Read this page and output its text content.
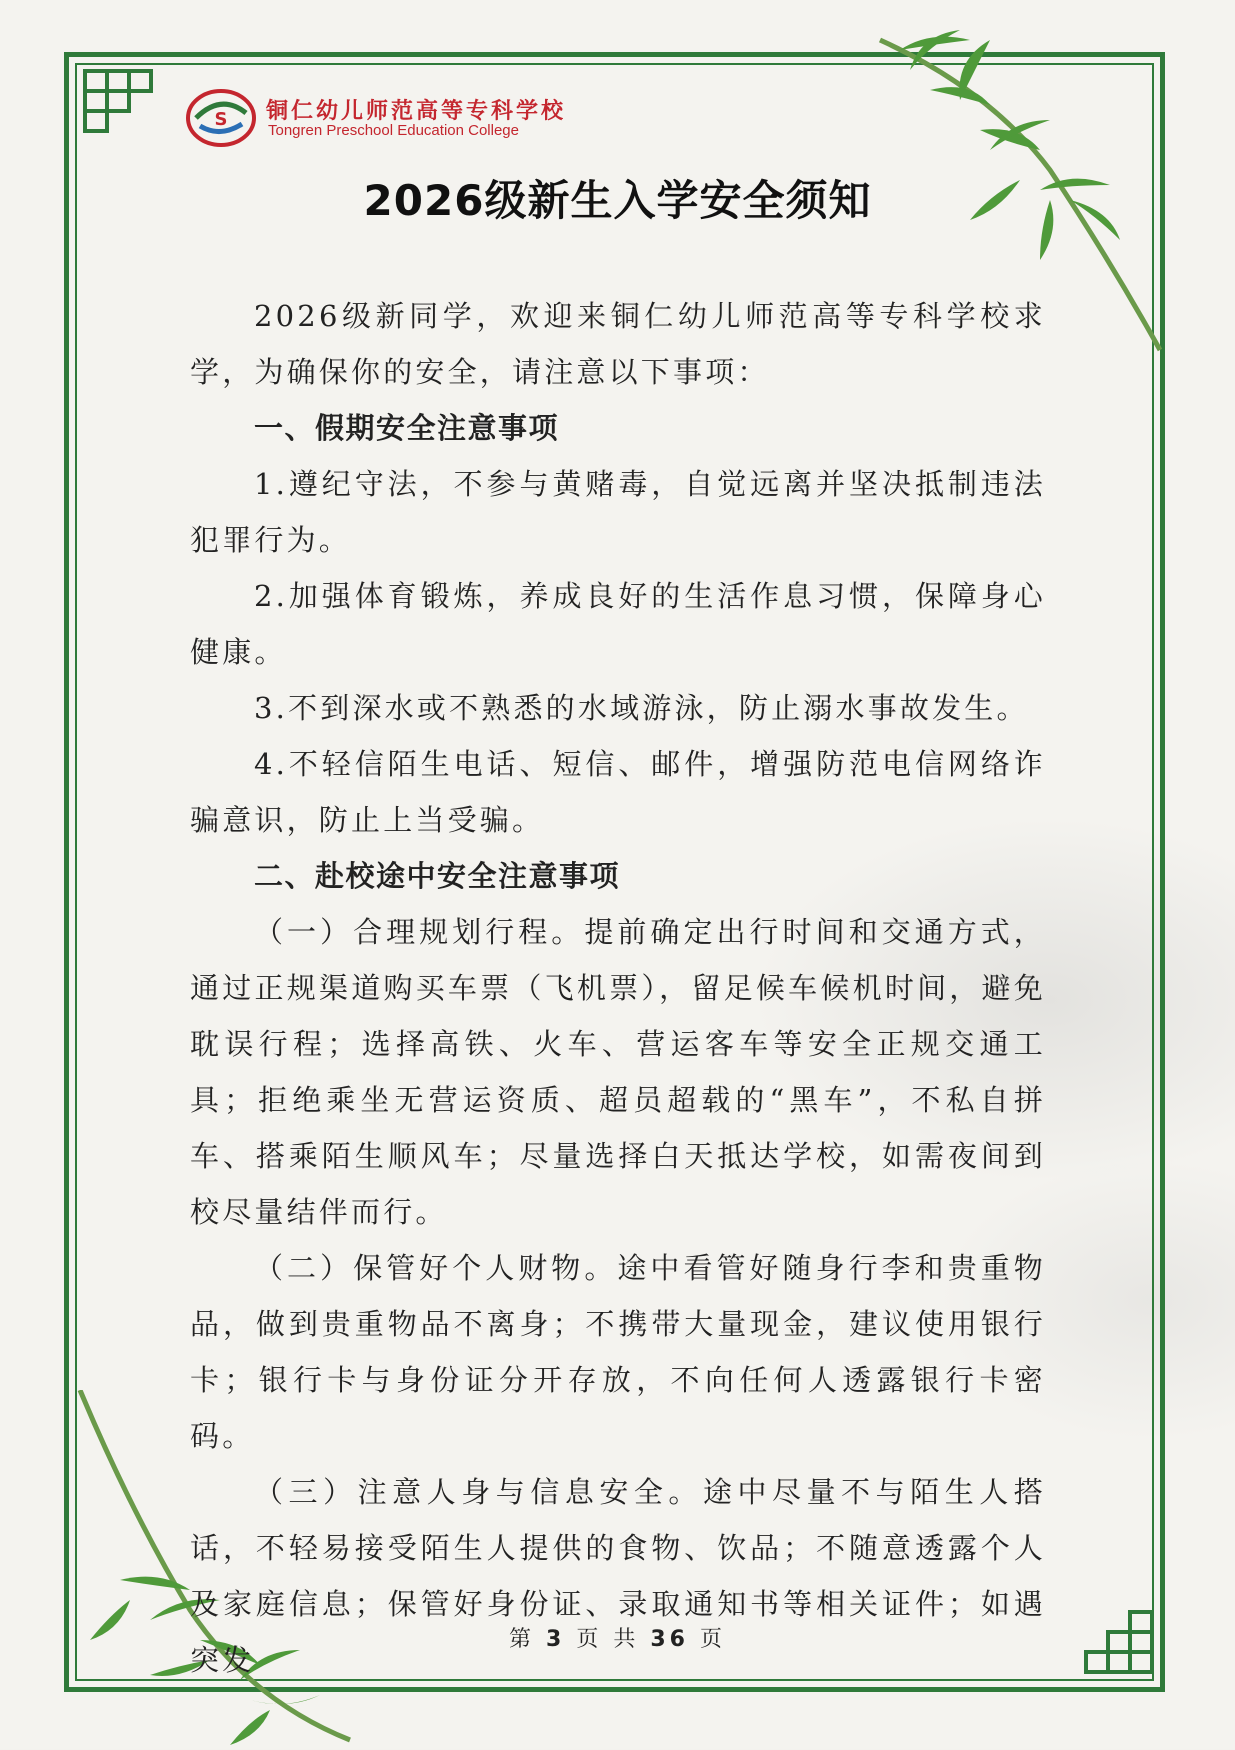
S 铜仁幼儿师范高等专科学校
Tongren Preschool Education College
2026级新生入学安全须知

2026级新同学，欢迎来铜仁幼儿师范高等专科学校求学，为确保你的安全，请注意以下事项：

一、假期安全注意事项

1.遵纪守法，不参与黄赌毒，自觉远离并坚决抵制违法犯罪行为。

2.加强体育锻炼，养成良好的生活作息习惯，保障身心健康。

3.不到深水或不熟悉的水域游泳，防止溺水事故发生。

4.不轻信陌生电话、短信、邮件，增强防范电信网络诈骗意识，防止上当受骗。

二、赴校途中安全注意事项

（一）合理规划行程。提前确定出行时间和交通方式，通过正规渠道购买车票（飞机票），留足候车候机时间，避免耽误行程；选择高铁、火车、营运客车等安全正规交通工具；拒绝乘坐无营运资质、超员超载的“黑车”，不私自拼车、搭乘陌生顺风车；尽量选择白天抵达学校，如需夜间到校尽量结伴而行。

（二）保管好个人财物。途中看管好随身行李和贵重物品，做到贵重物品不离身；不携带大量现金，建议使用银行卡；银行卡与身份证分开存放，不向任何人透露银行卡密码。

（三）注意人身与信息安全。途中尽量不与陌生人搭话，不轻易接受陌生人提供的食物、饮品；不随意透露个人及家庭信息；保管好身份证、录取通知书等相关证件；如遇突发

第 3 页 共 36 页
